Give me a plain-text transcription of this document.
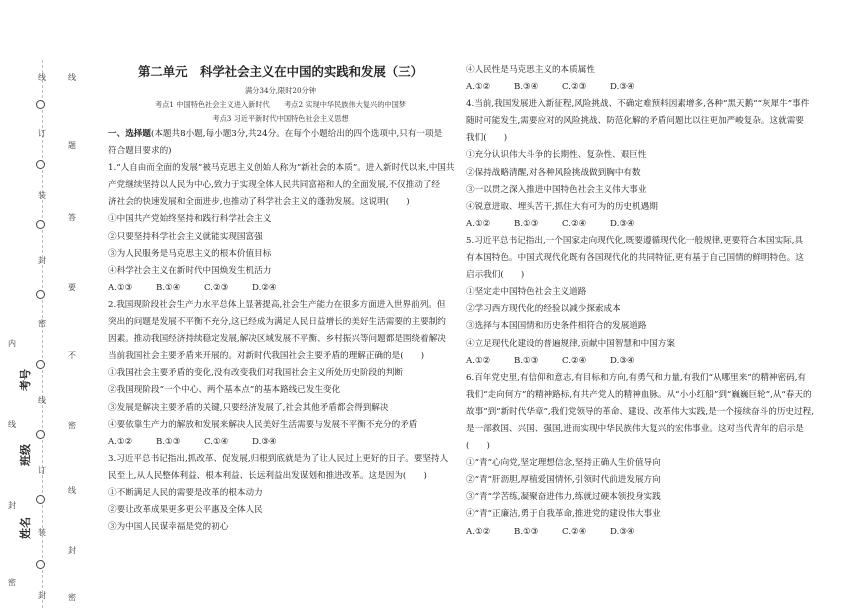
密
封
线
内
线
订
装
封
密
线
订
装
封
线
题
答
要
不
密
线
封
密
考号
班级
姓名

第二单元　科学社会主义在中国的实践和发展（三）

满分34分,限时20分钟

考点1 中国特色社会主义进入新时代　　考点2 实现中华民族伟大复兴的中国梦

考点3 习近平新时代中国特色社会主义思想

一、选择题(本题共8小题,每小题3分,共24分。在每个小题给出的四个选项中,只有一项是

符合题目要求的)

1.“人自由而全面的发展”被马克思主义创始人称为“新社会的本质”。进入新时代以来,中国共

产党继续坚持以人民为中心,致力于实现全体人民共同富裕和人的全面发展,不仅推动了经

济社会的快速发展和全面进步,也推动了科学社会主义的蓬勃发展。这说明(　　)

①中国共产党始终坚持和践行科学社会主义

②只要坚持科学社会主义就能实现国富强

③为人民服务是马克思主义的根本价值目标

④科学社会主义在新时代中国焕发生机活力

A.①③	B.①④	C.②③	D.②④

2.我国现阶段社会生产力水平总体上显著提高,社会生产能力在很多方面进入世界前列。但

突出的问题是发展不平衡不充分,这已经成为满足人民日益增长的美好生活需要的主要制约

因素。推动我国经济持续稳定发展,解决区域发展不平衡、乡村振兴等问题都是围绕着解决

当前我国社会主要矛盾来开展的。对新时代我国社会主要矛盾的理解正确的是(　　)

①我国社会主要矛盾的变化,没有改变我们对我国社会主义所处历史阶段的判断

②我国现阶段“一个中心、两个基本点”的基本路线已发生变化

③发展是解决主要矛盾的关键,只要经济发展了,社会其他矛盾都会得到解决

④要依靠生产力的解放和发展来解决人民美好生活需要与发展不平衡不充分的矛盾

A.①②	B.①③	C.①④	D.③④

3.习近平总书记指出,抓改革、促发展,归根到底就是为了让人民过上更好的日子。要坚持人

民至上,从人民整体利益、根本利益、长远利益出发谋划和推进改革。这是因为(　　)

①不断满足人民的需要是改革的根本动力

②要让改革成果更多更公平惠及全体人民

③为中国人民谋幸福是党的初心

④人民性是马克思主义的本质属性

A.①②	B.③④	C.②③	D.③④

4.当前,我国发展进入新征程,风险挑战、不确定难预料因素增多,各种“黑天鹅”“灰犀牛”事件

随时可能发生,需要应对的风险挑战、防范化解的矛盾问题比以往更加严峻复杂。这就需要

我们(　　)

①充分认识伟大斗争的长期性、复杂性、艰巨性

②保持战略清醒,对各种风险挑战做到胸中有数

③一以贯之深入推进中国特色社会主义伟大事业

④锐意进取、埋头苦干,抓住大有可为的历史机遇期

A.①②	B.①③	C.②④	D.③④

5.习近平总书记指出,一个国家走向现代化,既要遵循现代化一般规律,更要符合本国实际,具

有本国特色。中国式现代化既有各国现代化的共同特征,更有基于自己国情的鲜明特色。这

启示我们(　　)

①坚定走中国特色社会主义道路

②学习西方现代化的经验以减少探索成本

③选择与本国国情和历史条件相符合的发展道路

④立足现代化建设的普遍规律,贡献中国智慧和中国方案

A.①②	B.①③	C.②④	D.③④

6.百年党史里,有信仰和意志,有目标和方向,有勇气和力量,有我们“从哪里来”的精神密码,有

我们“走向何方”的精神路标,有共产党人的精神血脉。从“小小红船”到“巍巍巨轮”,从“春天的

故事”到“新时代华章”,我们党领导的革命、建设、改革伟大实践,是一个接续奋斗的历史过程,

是一部救国、兴国、强国,进而实现中华民族伟大复兴的宏伟事业。这对当代青年的启示是

(　　)

①“青”心向党,坚定理想信念,坚持正确人生价值导向

②“青”肝沥胆,厚植爱国情怀,引领时代前进发展方向

③“青”学苦练,凝聚奋进伟力,练就过硬本领投身实践

④“青”正廉洁,勇于自我革命,推进党的建设伟大事业

A.①②	B.①③	C.②④	D.③④
